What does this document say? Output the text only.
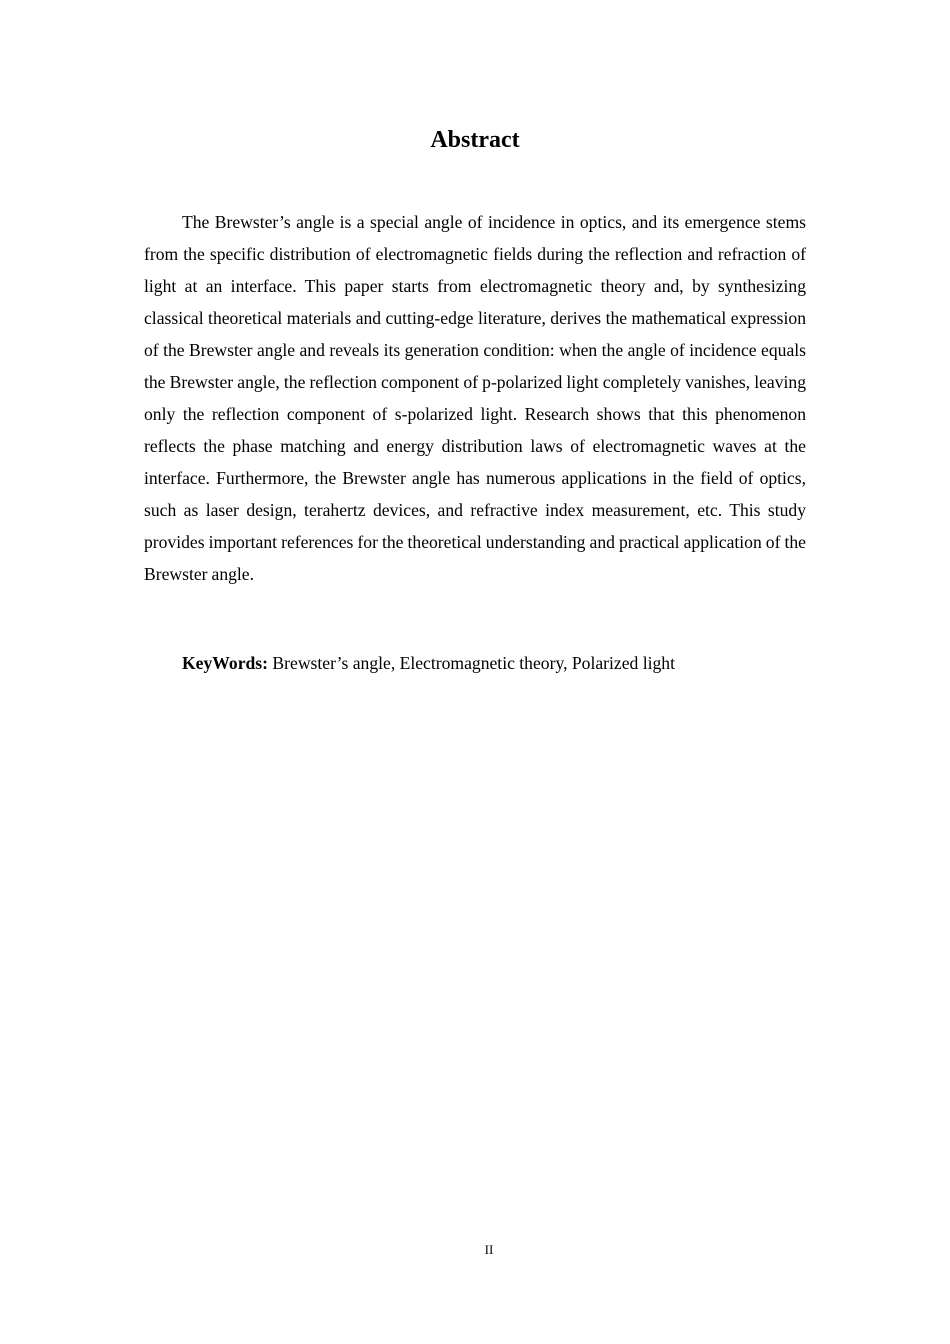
Abstract

The Brewster’s angle is a special angle of incidence in optics, and its emergence stems from the specific distribution of electromagnetic fields during the reflection and refraction of light at an interface. This paper starts from electromagnetic theory and, by synthesizing classical theoretical materials and cutting-edge literature, derives the mathematical expression of the Brewster angle and reveals its generation condition: when the angle of incidence equals the Brewster angle, the reflection component of p-polarized light completely vanishes, leaving only the reflection component of s-polarized light. Research shows that this phenomenon reflects the phase matching and energy distribution laws of electromagnetic waves at the interface. Furthermore, the Brewster angle has numerous applications in the field of optics, such as laser design, terahertz devices, and refractive index measurement, etc. This study provides important references for the theoretical understanding and practical application of the Brewster angle.

KeyWords: Brewster’s angle, Electromagnetic theory, Polarized light

II
